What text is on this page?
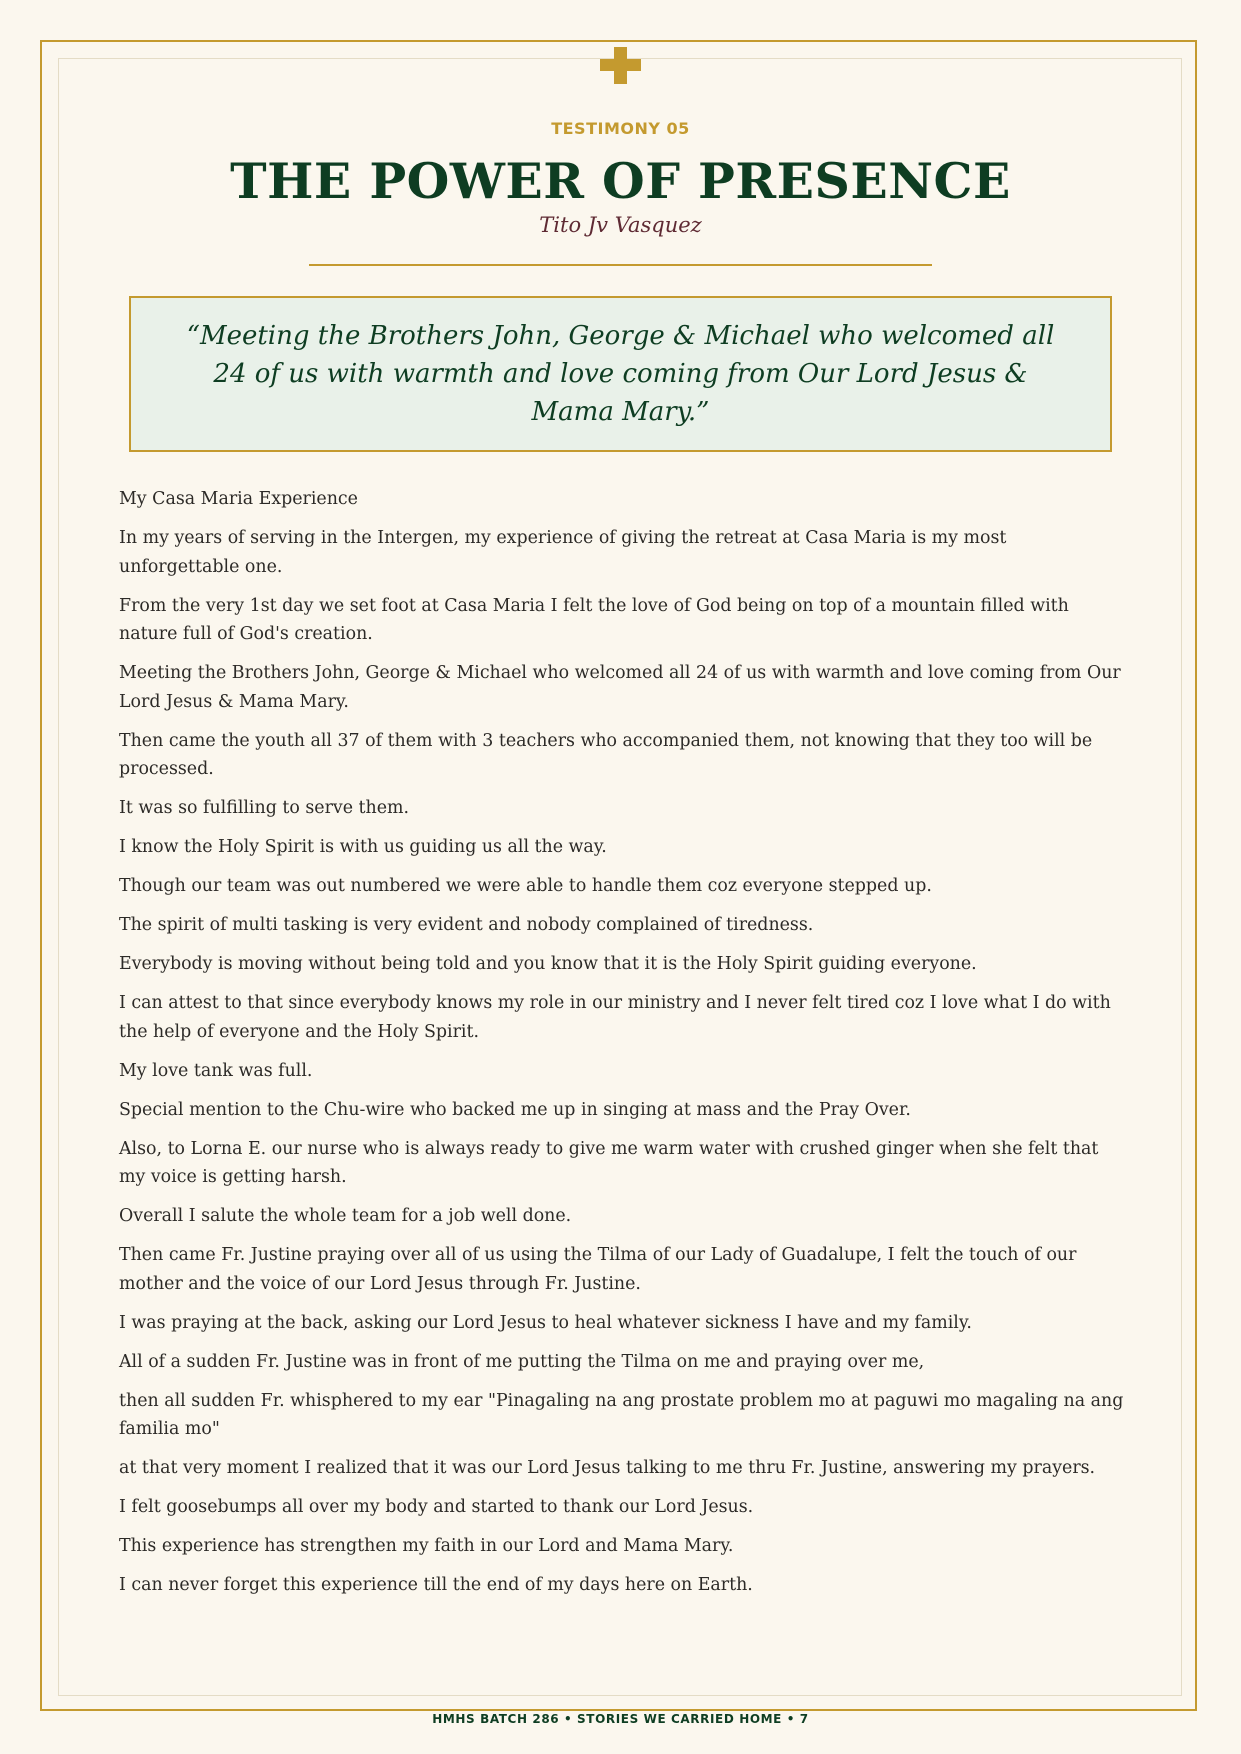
TESTIMONY 05
THE POWER OF PRESENCE
Tito Jv Vasquez

“Meeting the Brothers John, George & Michael who welcomed all 24 of us with warmth and love coming from Our Lord Jesus & Mama Mary.”

My Casa Maria Experience

In my years of serving in the Intergen, my experience of giving the retreat at Casa Maria is my most unforgettable one.

From the very 1st day we set foot at Casa Maria I felt the love of God being on top of a mountain filled with nature full of God's creation.

Meeting the Brothers John, George & Michael who welcomed all 24 of us with warmth and love coming from Our Lord Jesus & Mama Mary.

Then came the youth all 37 of them with 3 teachers who accompanied them, not knowing that they too will be processed.

It was so fulfilling to serve them.

I know the Holy Spirit is with us guiding us all the way.

Though our team was out numbered we were able to handle them coz everyone stepped up.

The spirit of multi tasking is very evident and nobody complained of tiredness.

Everybody is moving without being told and you know that it is the Holy Spirit guiding everyone.

I can attest to that since everybody knows my role in our ministry and I never felt tired coz I love what I do with the help of everyone and the Holy Spirit.

My love tank was full.

Special mention to the Chu-wire who backed me up in singing at mass and the Pray Over.

Also, to Lorna E. our nurse who is always ready to give me warm water with crushed ginger when she felt that my voice is getting harsh.

Overall I salute the whole team for a job well done.

Then came Fr. Justine praying over all of us using the Tilma of our Lady of Guadalupe, I felt the touch of our mother and the voice of our Lord Jesus through Fr. Justine.

I was praying at the back, asking our Lord Jesus to heal whatever sickness I have and my family.

All of a sudden Fr. Justine was in front of me putting the Tilma on me and praying over me,

then all sudden Fr. whisphered to my ear "Pinagaling na ang prostate problem mo at paguwi mo magaling na ang familia mo"

at that very moment I realized that it was our Lord Jesus talking to me thru Fr. Justine, answering my prayers.

I felt goosebumps all over my body and started to thank our Lord Jesus.

This experience has strengthen my faith in our Lord and Mama Mary.

I can never forget this experience till the end of my days here on Earth.

HMHS BATCH 286 • STORIES WE CARRIED HOME • 7
